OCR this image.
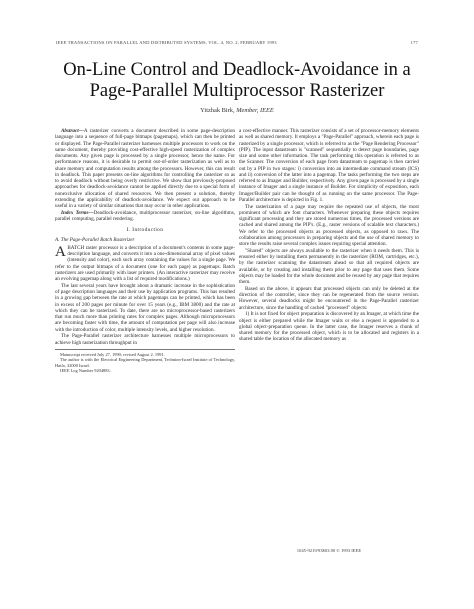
IEEE TRANSACTIONS ON PARALLEL AND DISTRIBUTED SYSTEMS, VOL. 4, NO. 2, FEBRUARY 1993	177
On-Line Control and Deadlock-Avoidance in a
Page-Parallel Multiprocessor Rasterizer
Yitzhak Birk, Member, IEEE

Abstract—A rasterizer converts a document described in some page-description language into a sequence of full-page bitmaps (pagemaps), which can then be printed or displayed. The Page-Parallel rasterizer harnesses multiple processors to work on the same document, thereby providing cost-effective high-speed rasterization of complex documents. Any given page is processed by a single processor, hence the name. For performance reasons, it is desirable to permit out-of-order rasterization as well as to share memory and computation results among the processors. However, this can result in deadlock. This paper presents on-line algorithms for controlling the rasterizer so as to avoid deadlock without being overly restrictive. We show that previously-proposed approaches for deadlock-avoidance cannot be applied directly due to a special form of nonexclusive allocation of shared resources. We then present a solution, thereby extending the applicability of deadlock-avoidance. We expect our approach to be useful in a variety of similar situations that may occur in other applications.

Index Terms—Deadlock-avoidance, multiprocessor rasterizer, on-line algorithms, parallel computing, parallel rendering.

I. Introduction
A. The Page-Parallel Batch Rasterizer

ABATCH raster processor is a description of a document's contents in some page-description language, and converts it into a one-dimensional array of pixel values (intensity and color), each such array containing the values for a single page. We refer to the output bitmaps of a document (one for each page) as pagemaps. Batch rasterizers are used primarily with laser printers. (An interactive rasterizer may receive an evolving pagemap along with a list of required modifications.)

The last several years have brought about a dramatic increase in the sophistication of page description languages and their use by application programs. This has resulted in a growing gap between the rate at which pagemaps can be printed, which has been in excess of 200 pages per minute for over 15 years (e.g., IBM 3800) and the rate at which they can be rasterized. To date, there are no microprocessor-based rasterizers that run much more than printing rates for complex pages. Although microprocessors are becoming faster with time, the amount of computation per page will also increase with the introduction of color, multiple intensity levels, and higher resolution.

The Page-Parallel rasterizer architecture harnesses multiple microprocessors to achieve high rasterization throughput in

Manuscript received July 27, 1990; revised August 2, 1991.

The author is with the Electrical Engineering Department, Technion-Israel Institute of Technology, Haifa, 32000 Israel.

IEEE Log Number 9204883.

a cost-effective manner. This rasterizer consists of a set of processor-memory elements as well as shared memory. It employs a "Page-Parallel" approach, wherein each page is rasterized by a single processor, which is referred to as the "Page Rendering Processor" (PIP). The input datastream is "scanned" sequentially to detect page boundaries, page size and some other information. The task performing this operation is referred to as the Scanner. The conversion of each page from datastream to pagemap is then carried out by a PIP in two stages: i) conversion into an intermediate command stream (ICS) and ii) conversion of the latter into a pagemap. The tasks performing the two steps are referred to as Imager and Builder, respectively. Any given page is processed by a single instance of Imager and a single instance of Builder. For simplicity of exposition, each Imager/Builder pair can be thought of as running on the same processor. The Page-Parallel architecture is depicted in Fig. 1.

The rasterization of a page may require the repeated use of objects, the most prominent of which are font characters. Whenever preparing these objects requires significant processing and they are stored numerous times, the processed versions are cached and shared among the PIP's. (E.g., raster versions of scalable text characters.) We refer to the processed objects as processed objects, as opposed to raws. The collaboration among processors in preparing objects and the use of shared memory to store the results raise several complex issues requiring special attention.

"Shared" objects are always available to the rasterizer when it needs them. This is ensured either by installing them permanently in the rasterizer (ROM, cartridges, etc.), by the rasterizer scanning the datastream ahead so that all required objects are available, or by creating and installing them prior to any page that uses them. Some objects may be loaded for the whole document and be reused by any page that requires them.

Based on the above, it appears that processed objects can only be deleted at the direction of the controller, since they can be regenerated from the source version. However, several deadlocks might be encountered in the Page-Parallel rasterizer architecture, since the handling of cached "processed" objects:

1) It is not fixed for object preparation is discovered by an Imager, at which time the object is either prepared while the Imager waits or else a request is appended to a global object-preparation queue. In the latter case, the Imager reserves a chunk of shared memory for the processed object, which is to be allocated and registers in a shared table the location of the allocated memory as

1045-9219/93$03.00 © 1993 IEEE
